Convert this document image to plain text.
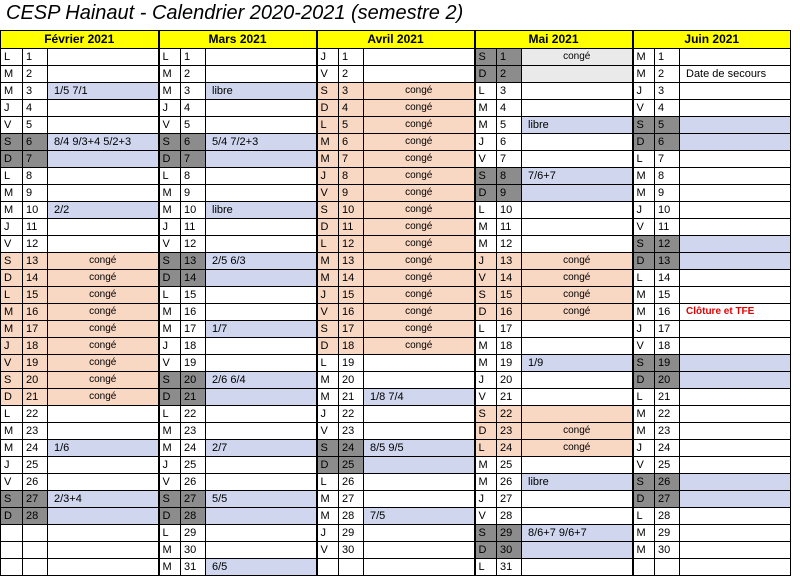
CESP Hainaut - Calendrier 2020-2021 (semestre 2)
Février 2021			Mars 2021			Avril 2021			Mai 2021			Juin 2021		
L	1		L	1		J	1		S	1	congé	M	1	
M	2		M	2		V	2		D	2		M	2	Date de secours
M	3	1/5 7/1	M	3	libre	S	3	congé	L	3		J	3	
J	4		J	4		D	4	congé	M	4		V	4	
V	5		V	5		L	5	congé	M	5	libre	S	5	
S	6	8/4 9/3+4 5/2+3	S	6	5/4 7/2+3	M	6	congé	J	6		D	6	
D	7		D	7		M	7	congé	V	7		L	7	
L	8		L	8		J	8	congé	S	8	7/6+7	M	8	
M	9		M	9		V	9	congé	D	9		M	9	
M	10	2/2	M	10	libre	S	10	congé	L	10		J	10	
J	11		J	11		D	11	congé	M	11		V	11	
V	12		V	12		L	12	congé	M	12		S	12	
S	13	congé	S	13	2/5 6/3	M	13	congé	J	13	congé	D	13	
D	14	congé	D	14		M	14	congé	V	14	congé	L	14	
L	15	congé	L	15		J	15	congé	S	15	congé	M	15	
M	16	congé	M	16		V	16	congé	D	16	congé	M	16	Clôture et TFE
M	17	congé	M	17	1/7	S	17	congé	L	17		J	17	
J	18	congé	J	18		D	18	congé	M	18		V	18	
V	19	congé	V	19		L	19		M	19	1/9	S	19	
S	20	congé	S	20	2/6 6/4	M	20		J	20		D	20	
D	21	congé	D	21		M	21	1/8 7/4	V	21		L	21	
L	22		L	22		J	22		S	22		M	22	
M	23		M	23		V	23		D	23	congé	M	23	
M	24	1/6	M	24	2/7	S	24	8/5 9/5	L	24	congé	J	24	
J	25		J	25		D	25		M	25		V	25	
V	26		V	26		L	26		M	26	libre	S	26	
S	27	2/3+4	S	27	5/5	M	27		J	27		D	27	
D	28		D	28		M	28	7/5	V	28		L	28	
			L	29		J	29		S	29	8/6+7 9/6+7	M	29	
			M	30		V	30		D	30		M	30	
			M	31	6/5				L	31				
